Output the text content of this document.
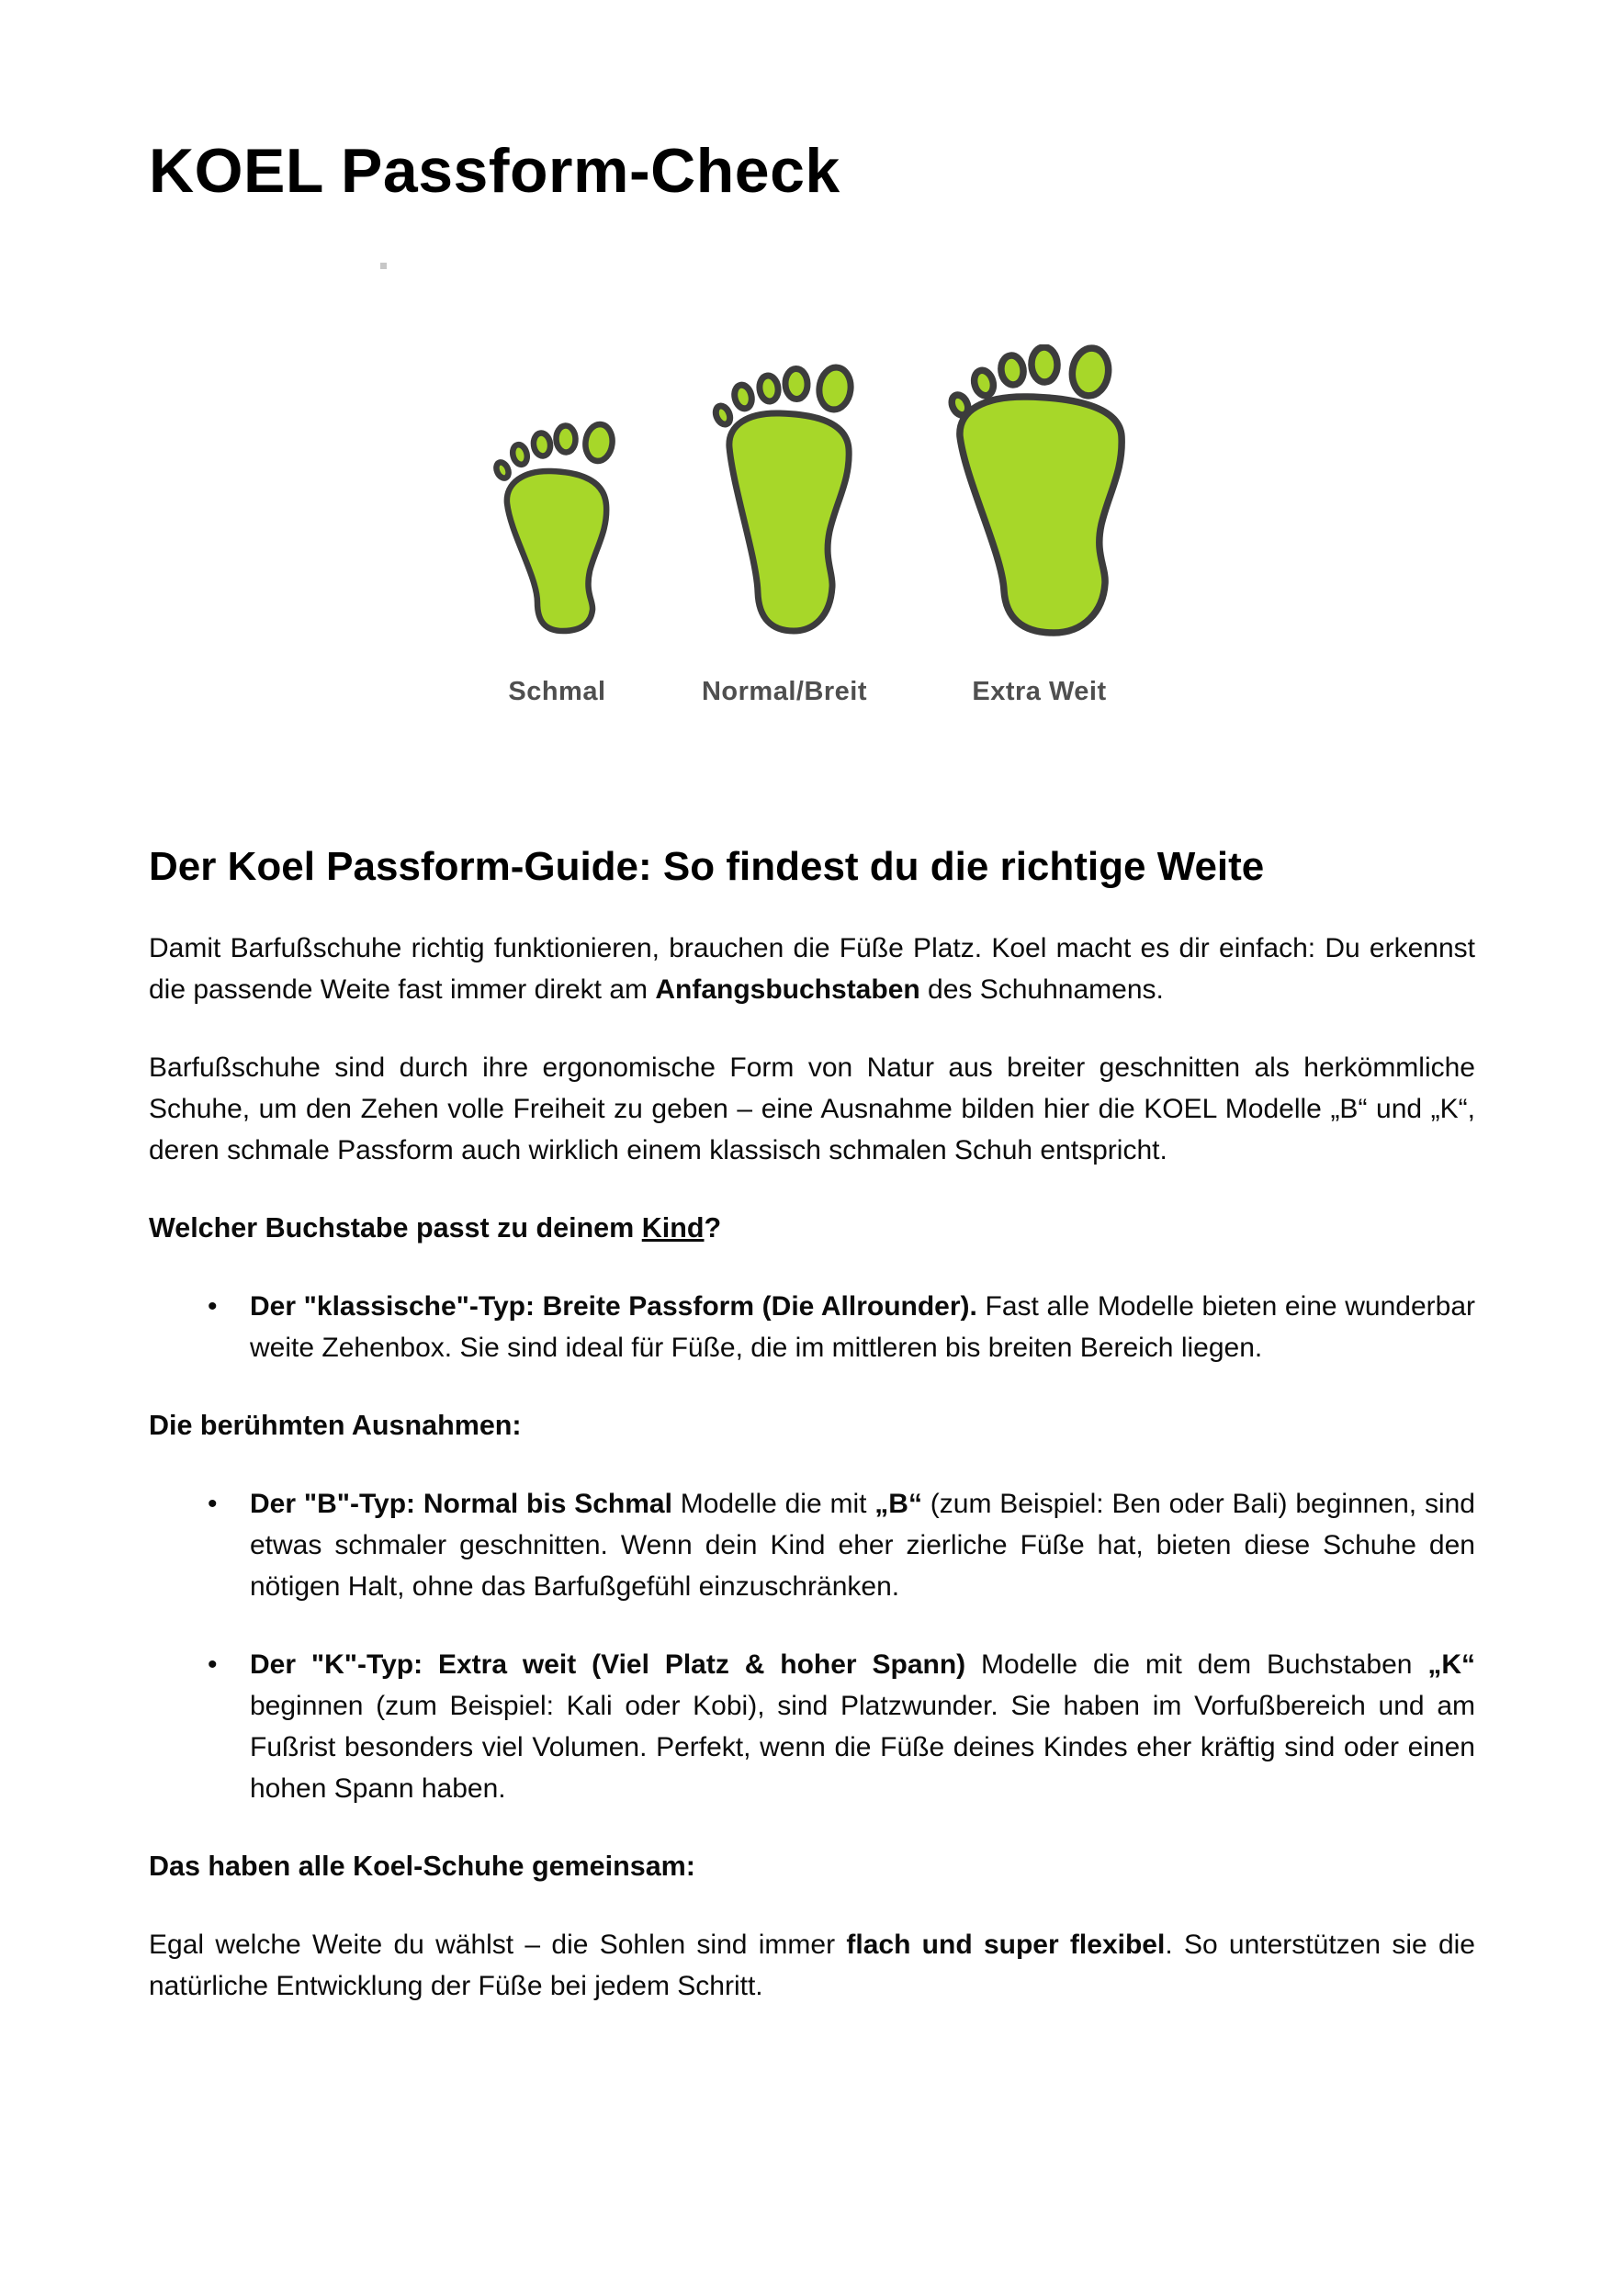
KOEL Passform-Check
Schmal	Normal/Breit	Extra Weit
Der Koel Passform-Guide: So findest du die richtige Weite

Damit Barfußschuhe richtig funktionieren, brauchen die Füße Platz. Koel macht es dir einfach: Du erkennst die passende Weite fast immer direkt am Anfangsbuchstaben des Schuhnamens.

Barfußschuhe sind durch ihre ergonomische Form von Natur aus breiter geschnitten als herkömmliche Schuhe, um den Zehen volle Freiheit zu geben – eine Ausnahme bilden hier die KOEL Modelle „B“ und „K“, deren schmale Passform auch wirklich einem klassisch schmalen Schuh entspricht.

Welcher Buchstabe passt zu deinem Kind?

• Der "klassische"-Typ: Breite Passform (Die Allrounder). Fast alle Modelle bieten eine wunderbar weite Zehenbox. Sie sind ideal für Füße, die im mittleren bis breiten Bereich liegen.

Die berühmten Ausnahmen:

• Der "B"-Typ: Normal bis Schmal Modelle die mit „B“ (zum Beispiel: Ben oder Bali) beginnen, sind etwas schmaler geschnitten. Wenn dein Kind eher zierliche Füße hat, bieten diese Schuhe den nötigen Halt, ohne das Barfußgefühl einzuschränken.
• Der "K"-Typ: Extra weit (Viel Platz & hoher Spann) Modelle die mit dem Buchstaben „K“ beginnen (zum Beispiel: Kali oder Kobi), sind Platzwunder. Sie haben im Vorfußbereich und am Fußrist besonders viel Volumen. Perfekt, wenn die Füße deines Kindes eher kräftig sind oder einen hohen Spann haben.

Das haben alle Koel-Schuhe gemeinsam:

Egal welche Weite du wählst – die Sohlen sind immer flach und super flexibel. So unterstützen sie die natürliche Entwicklung der Füße bei jedem Schritt.
